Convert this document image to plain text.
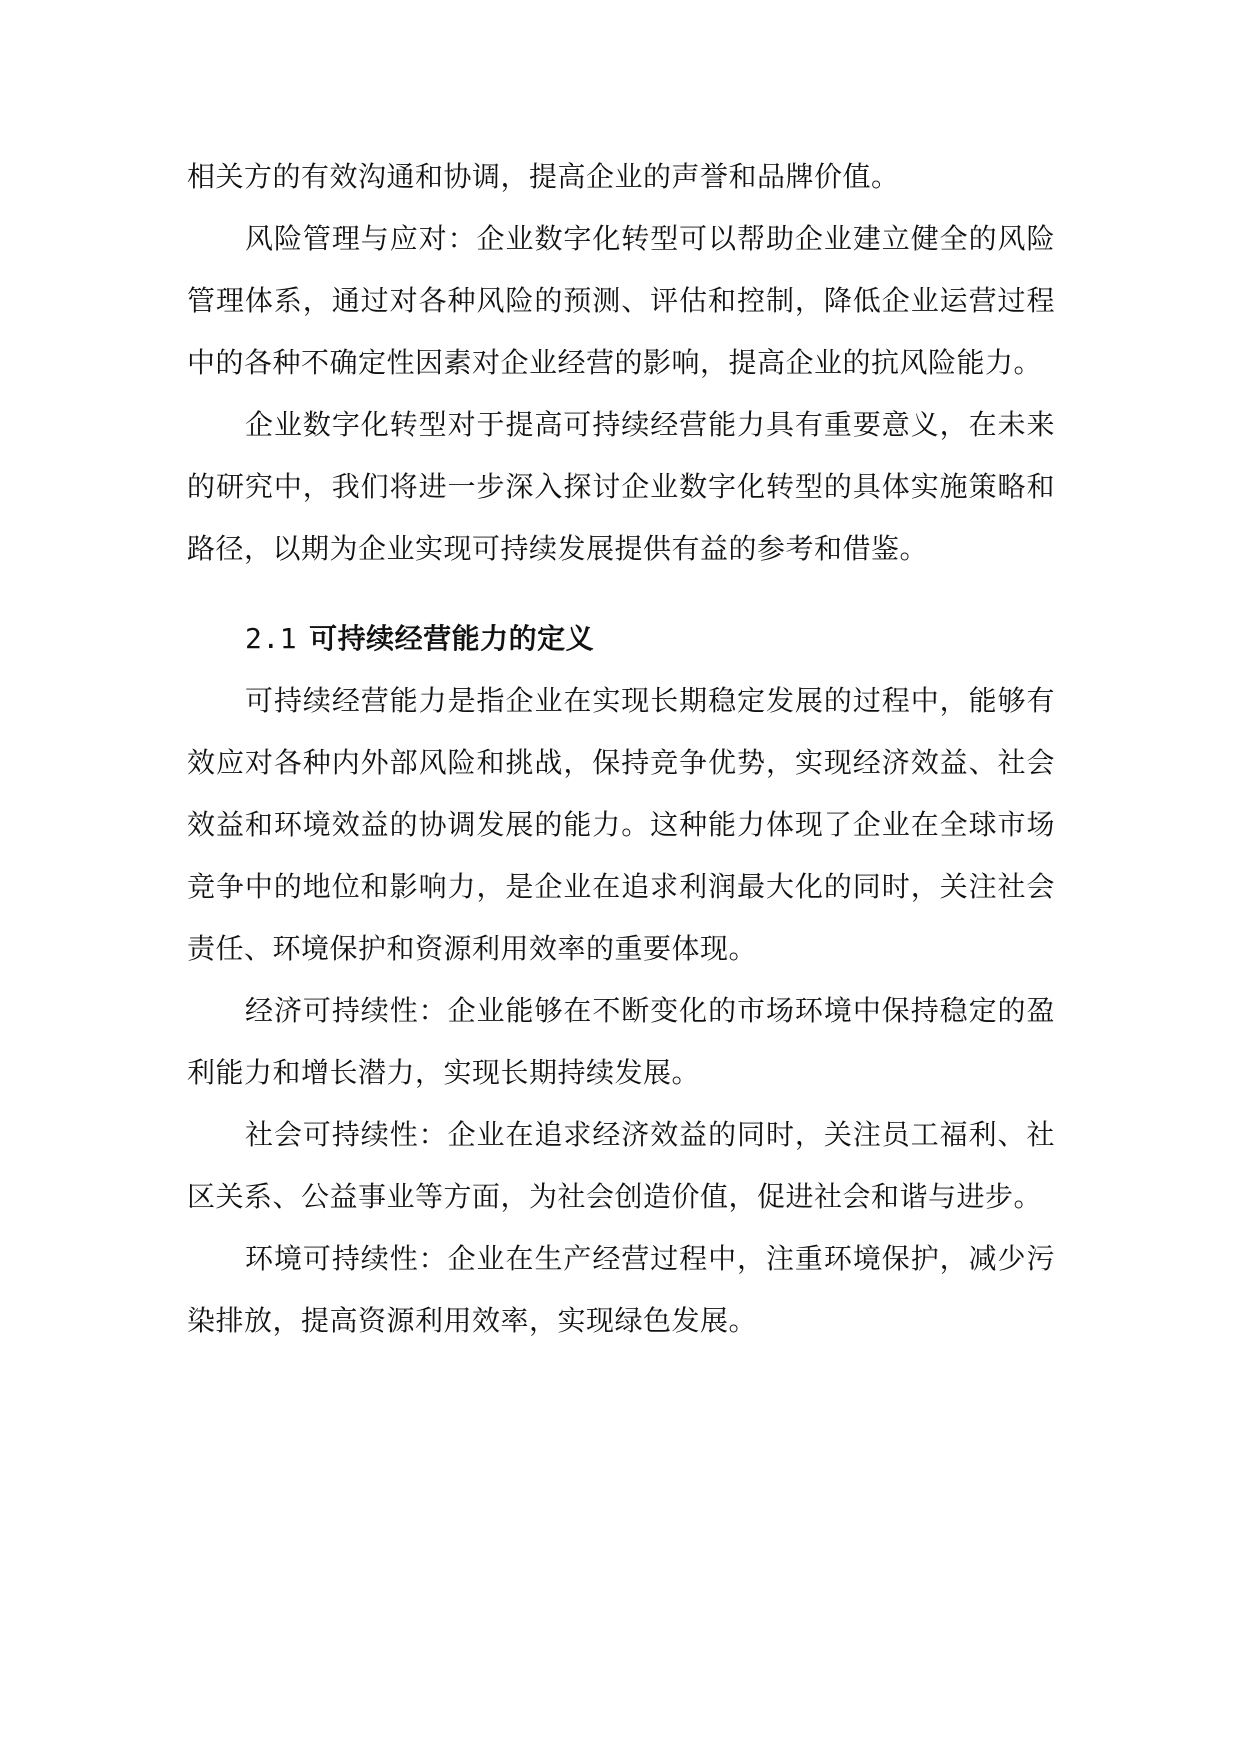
相关方的有效沟通和协调，提高企业的声誉和品牌价值。

风险管理与应对：企业数字化转型可以帮助企业建立健全的风险管理体系，通过对各种风险的预测、评估和控制，降低企业运营过程中的各种不确定性因素对企业经营的影响，提高企业的抗风险能力。

企业数字化转型对于提高可持续经营能力具有重要意义，在未来的研究中，我们将进一步深入探讨企业数字化转型的具体实施策略和路径，以期为企业实现可持续发展提供有益的参考和借鉴。

2.1 可持续经营能力的定义

可持续经营能力是指企业在实现长期稳定发展的过程中，能够有效应对各种内外部风险和挑战，保持竞争优势，实现经济效益、社会效益和环境效益的协调发展的能力。这种能力体现了企业在全球市场竞争中的地位和影响力，是企业在追求利润最大化的同时，关注社会责任、环境保护和资源利用效率的重要体现。

经济可持续性：企业能够在不断变化的市场环境中保持稳定的盈利能力和增长潜力，实现长期持续发展。

社会可持续性：企业在追求经济效益的同时，关注员工福利、社区关系、公益事业等方面，为社会创造价值，促进社会和谐与进步。

环境可持续性：企业在生产经营过程中，注重环境保护，减少污染排放，提高资源利用效率，实现绿色发展。
